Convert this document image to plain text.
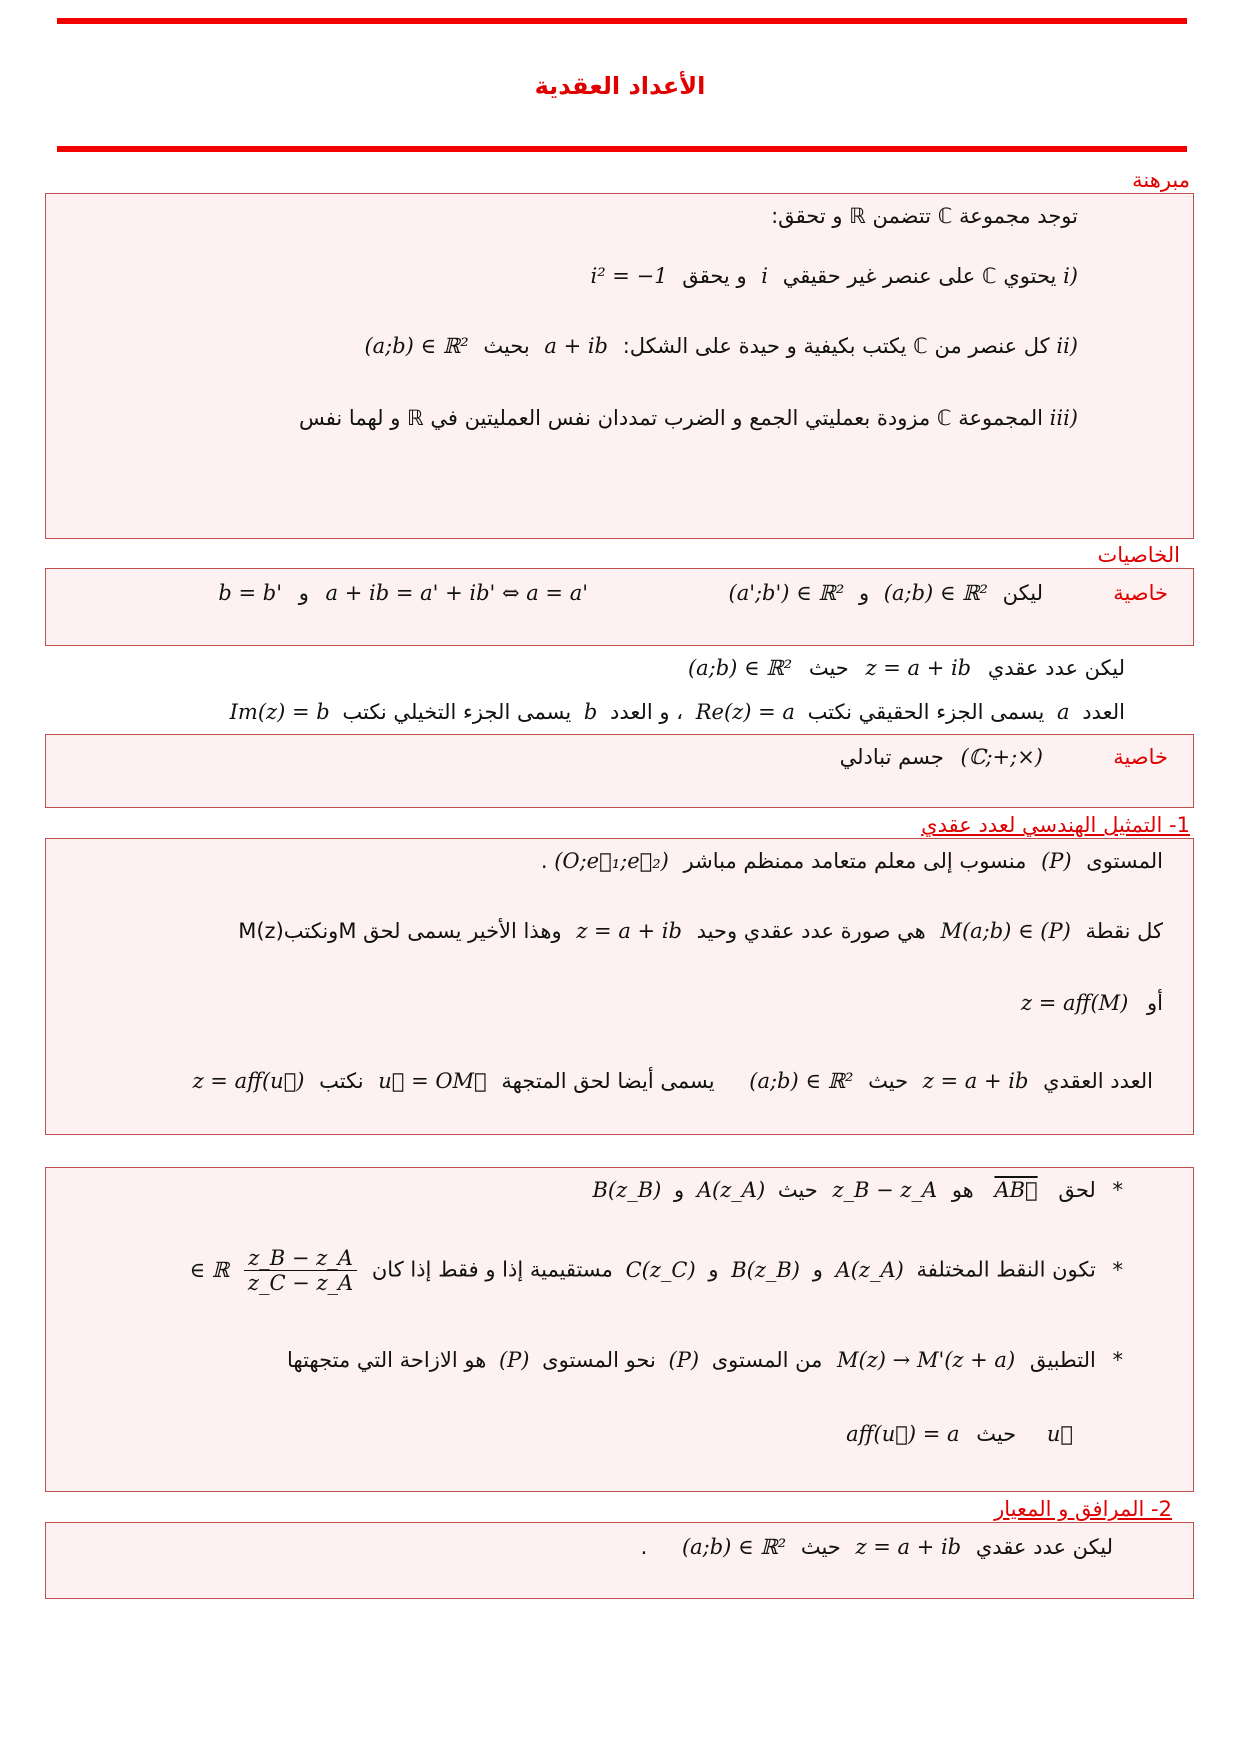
الأعداد العقدية
مبرهنة
توجد مجموعة ℂ تتضمن ℝ و تحقق:
i) يحتوي ℂ على عنصر غير حقيقي i و يحقق i² = −1
ii) كل عنصر من ℂ يكتب بكيفية و حيدة على الشكل: a + ib بحيث (a;b) ∈ ℝ²
iii) المجموعة ℂ مزودة بعمليتي الجمع و الضرب تمددان نفس العمليتين في ℝ و لهما نفس
الخاصيات
خاصية
ليكن (a;b) ∈ ℝ² و (a';b') ∈ ℝ²
a + ib = a' + ib' ⇔ a = a' و b = b'
ليكن عدد عقدي z = a + ib حيث (a;b) ∈ ℝ²
العدد a يسمى الجزء الحقيقي نكتب Re(z) = a ، و العدد b يسمى الجزء التخيلي نكتب Im(z) = b
خاصية
(ℂ;+;×) جسم تبادلي
1- التمثيل الهندسي لعدد عقدي
المستوى (P) منسوب إلى معلم متعامد ممنظم مباشر (O;e⃗₁;e⃗₂) .
كل نقطة M(a;b) ∈ (P) هي صورة عدد عقدي وحيد z = a + ib وهذا الأخير يسمى لحق MونكتبM(z)
أو z = aff(M)
العدد العقدي z = a + ib حيث (a;b) ∈ ℝ² يسمى أيضا لحق المتجهة u⃗ = OM⃗ نكتب z = aff(u⃗)
* لحق AB⃗ هو z_B − z_A حيث A(z_A) و B(z_B)
* تكون النقط المختلفة A(z_A) و B(z_B) و C(z_C) مستقيمية إذا و فقط إذا كان
$\frac{z\_B - z\_A}{z\_C - z\_A}$
∈ ℝ
* التطبيق M(z) → M'(z + a) من المستوى (P) نحو المستوى (P) هو الازاحة التي متجهتها
u⃗ حيث aff(u⃗) = a
2- المرافق و المعيار
ليكن عدد عقدي z = a + ib حيث (a;b) ∈ ℝ² .
